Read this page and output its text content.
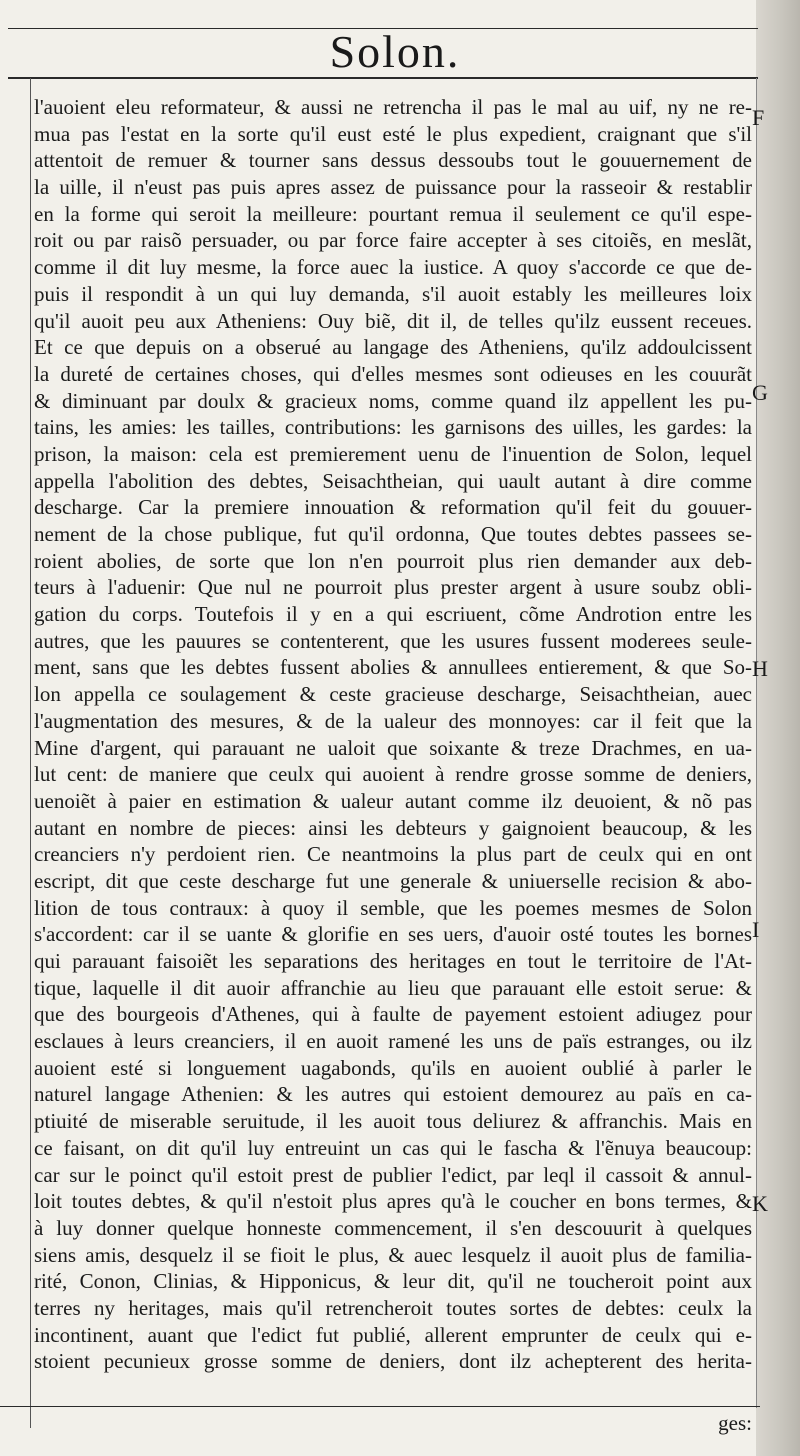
Solon.
l'auoient eleu reformateur, & aussi ne retrencha il pas le mal au uif, ny ne re-
mua pas l'estat en la sorte qu'il eust esté le plus expedient, craignant que s'il
attentoit de remuer & tourner sans dessus dessoubs tout le gouuernement de
la uille, il n'eust pas puis apres assez de puissance pour la rasseoir & restablir
en la forme qui seroit la meilleure: pourtant remua il seulement ce qu'il espe-
roit ou par raisõ persuader, ou par force faire accepter à ses citoiẽs, en meslãt,
comme il dit luy mesme, la force auec la iustice. A quoy s'accorde ce que de-
puis il respondit à un qui luy demanda, s'il auoit estably les meilleures loix
qu'il auoit peu aux Atheniens: Ouy biẽ, dit il, de telles qu'ilz eussent receues.
Et ce que depuis on a obserué au langage des Atheniens, qu'ilz addoulcissent
la dureté de certaines choses, qui d'elles mesmes sont odieuses en les couurãt
& diminuant par doulx & gracieux noms, comme quand ilz appellent les pu-
tains, les amies: les tailles, contributions: les garnisons des uilles, les gardes: la
prison, la maison: cela est premierement uenu de l'inuention de Solon, lequel
appella l'abolition des debtes, Seisachtheian, qui uault autant à dire comme
descharge. Car la premiere innouation & reformation qu'il feit du gouuer-
nement de la chose publique, fut qu'il ordonna, Que toutes debtes passees se-
roient abolies, de sorte que lon n'en pourroit plus rien demander aux deb-
teurs à l'aduenir: Que nul ne pourroit plus prester argent à usure soubz obli-
gation du corps. Toutefois il y en a qui escriuent, cõme Androtion entre les
autres, que les pauures se contenterent, que les usures fussent moderees seule-
ment, sans que les debtes fussent abolies & annullees entierement, & que So-
lon appella ce soulagement & ceste gracieuse descharge, Seisachtheian, auec
l'augmentation des mesures, & de la ualeur des monnoyes: car il feit que la
Mine d'argent, qui parauant ne ualoit que soixante & treze Drachmes, en ua-
lut cent: de maniere que ceulx qui auoient à rendre grosse somme de deniers,
uenoiẽt à paier en estimation & ualeur autant comme ilz deuoient, & nõ pas
autant en nombre de pieces: ainsi les debteurs y gaignoient beaucoup, & les
creanciers n'y perdoient rien. Ce neantmoins la plus part de ceulx qui en ont
escript, dit que ceste descharge fut une generale & uniuerselle recision & abo-
lition de tous contraux: à quoy il semble, que les poemes mesmes de Solon
s'accordent: car il se uante & glorifie en ses uers, d'auoir osté toutes les bornes
qui parauant faisoiẽt les separations des heritages en tout le territoire de l'At-
tique, laquelle il dit auoir affranchie au lieu que parauant elle estoit serue: &
que des bourgeois d'Athenes, qui à faulte de payement estoient adiugez pour
esclaues à leurs creanciers, il en auoit ramené les uns de païs estranges, ou ilz
auoient esté si longuement uagabonds, qu'ils en auoient oublié à parler le
naturel langage Athenien: & les autres qui estoient demourez au païs en ca-
ptiuité de miserable seruitude, il les auoit tous deliurez & affranchis. Mais en
ce faisant, on dit qu'il luy entreuint un cas qui le fascha & l'ẽnuya beaucoup:
car sur le poinct qu'il estoit prest de publier l'edict, par leql il cassoit & annul-
loit toutes debtes, & qu'il n'estoit plus apres qu'à le coucher en bons termes, &
à luy donner quelque honneste commencement, il s'en descouurit à quelques
siens amis, desquelz il se fioit le plus, & auec lesquelz il auoit plus de familia-
rité, Conon, Clinias, & Hipponicus, & leur dit, qu'il ne toucheroit point aux
terres ny heritages, mais qu'il retrencheroit toutes sortes de debtes: ceulx la
incontinent, auant que l'edict fut publié, allerent emprunter de ceulx qui e-
stoient pecunieux grosse somme de deniers, dont ilz achepterent des herita-
F
G
H
I
K
ges:
